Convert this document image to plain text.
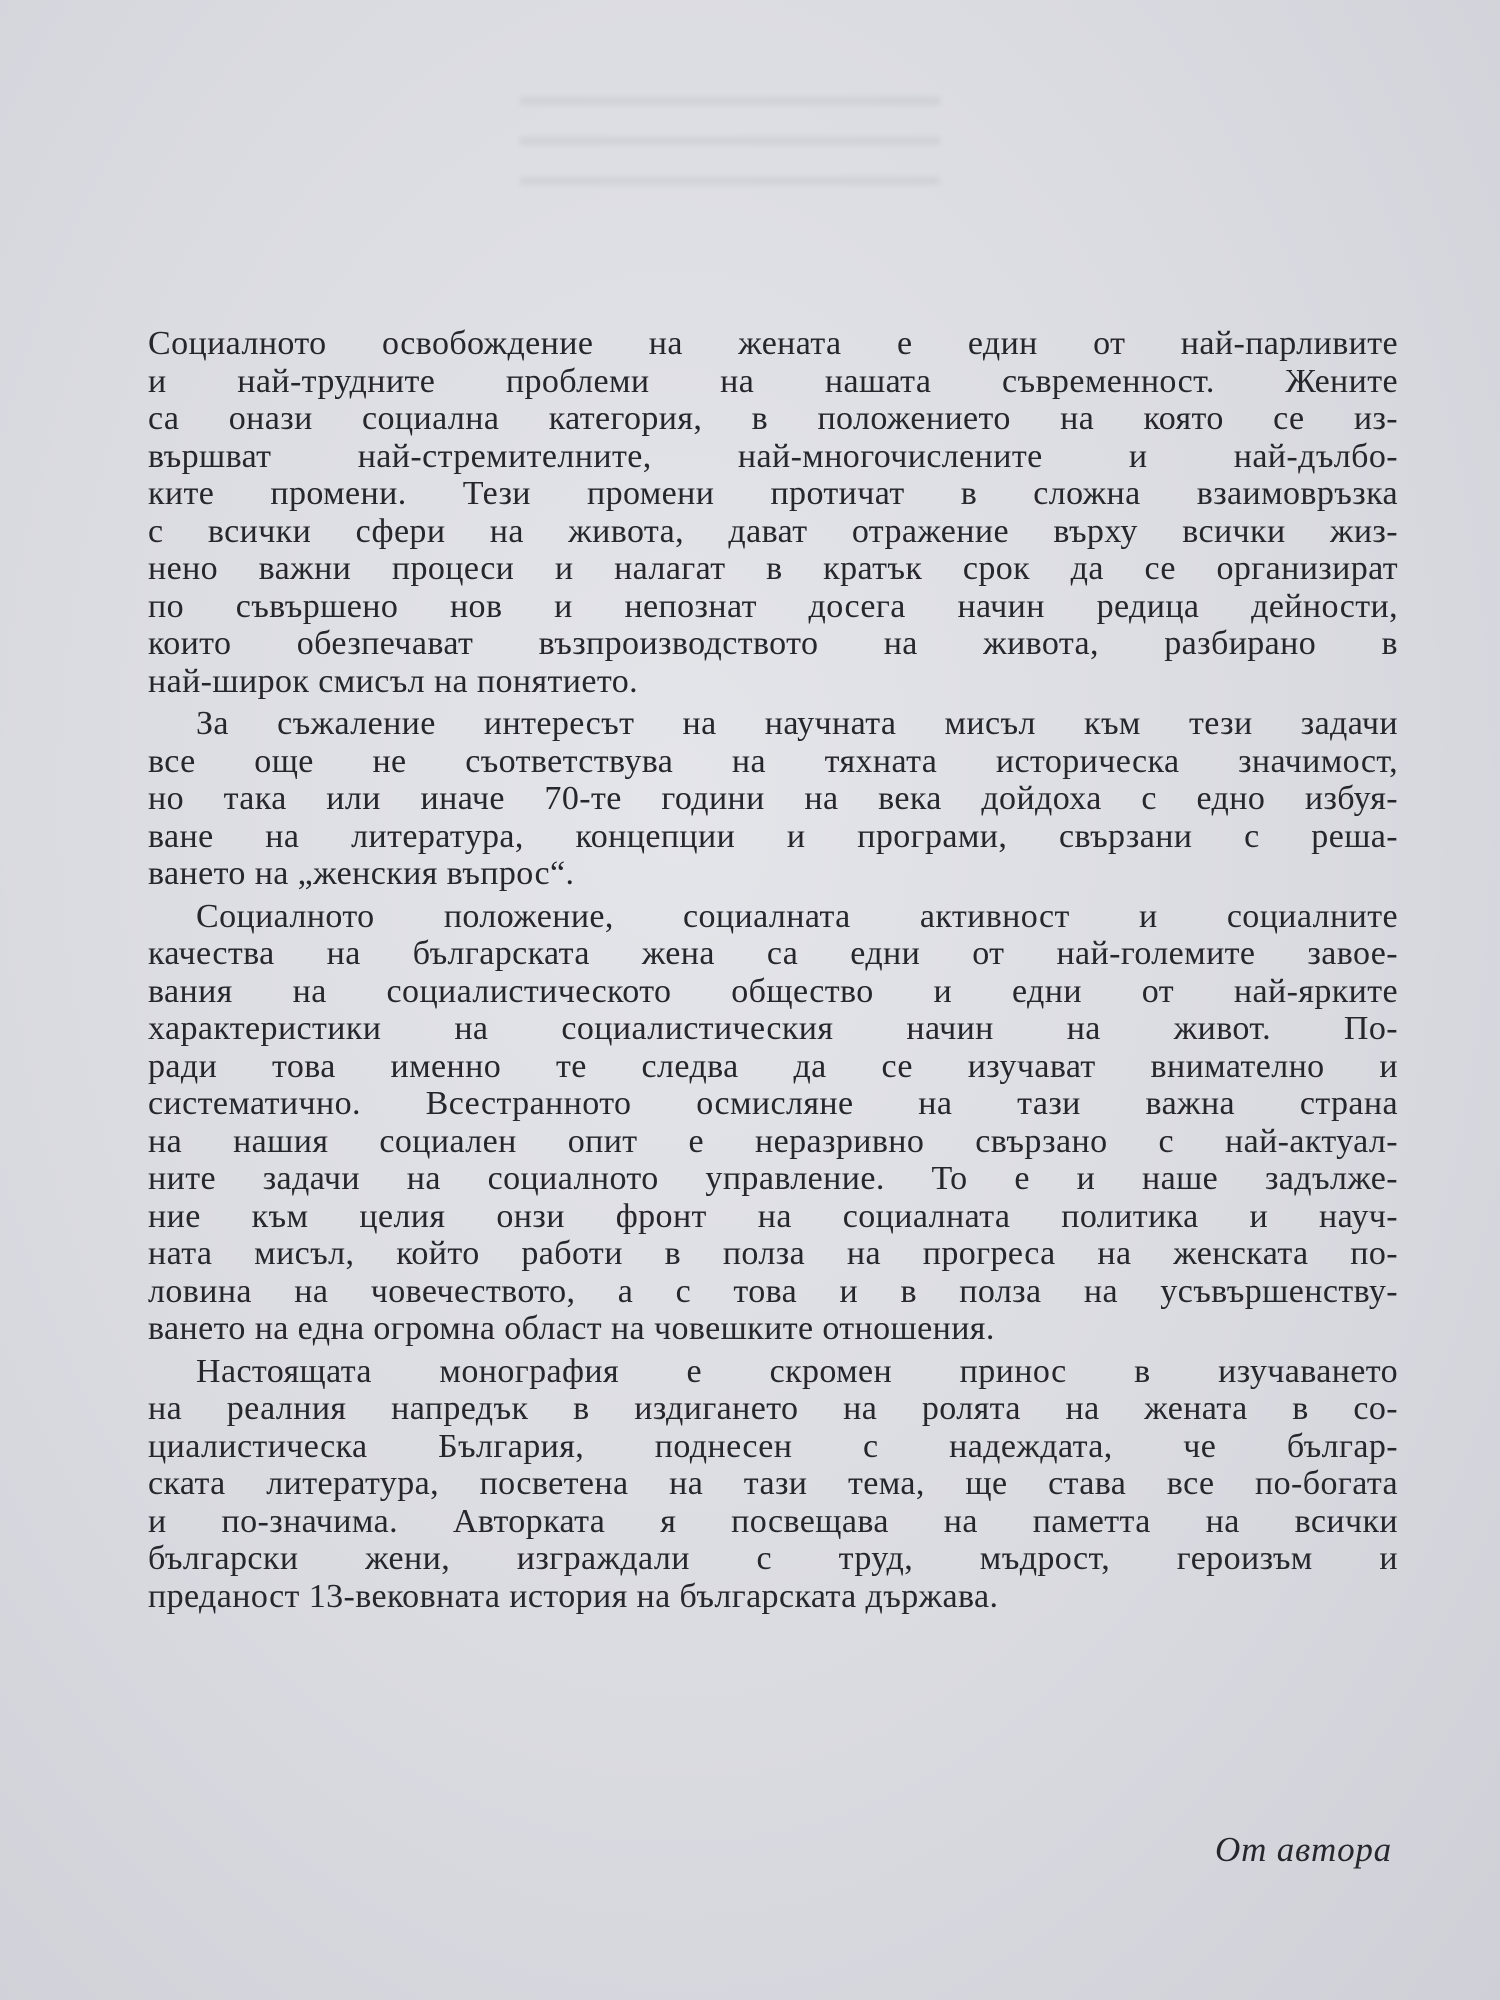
Социалното освобождение на жената е един от най-парливите
и най-трудните проблеми на нашата съвременност. Жените
са онази социална категория, в положението на която се из-
вършват най-стремителните, най-многочислените и най-дълбо-
ките промени. Тези промени протичат в сложна взаимовръзка
с всички сфери на живота, дават отражение върху всички жиз-
нено важни процеси и налагат в кратък срок да се организират
по съвършено нов и непознат досега начин редица дейности,
които обезпечават възпроизводството на живота, разбирано в
най-широк смисъл на понятието.
За съжаление интересът на научната мисъл към тези задачи
все още не съответствува на тяхната историческа значимост,
но така или иначе 70-те години на века дойдоха с едно избуя-
ване на литература, концепции и програми, свързани с реша-
ването на „женския въпрос“.
Социалното положение, социалната активност и социалните
качества на българската жена са едни от най-големите завое-
вания на социалистическото общество и едни от най-ярките
характеристики на социалистическия начин на живот. По-
ради това именно те следва да се изучават внимателно и
систематично. Всестранното осмисляне на тази важна страна
на нашия социален опит е неразривно свързано с най-актуал-
ните задачи на социалното управление. То е и наше задълже-
ние към целия онзи фронт на социалната политика и науч-
ната мисъл, който работи в полза на прогреса на женската по-
ловина на човечеството, а с това и в полза на усъвършенству-
ването на една огромна област на човешките отношения.
Настоящата монография е скромен принос в изучаването
на реалния напредък в издигането на ролята на жената в со-
циалистическа България, поднесен с надеждата, че българ-
ската литература, посветена на тази тема, ще става все по-богата
и по-значима. Авторката я посвещава на паметта на всички
български жени, изграждали с труд, мъдрост, героизъм и
преданост 13-вековната история на българската държава.
От автора
